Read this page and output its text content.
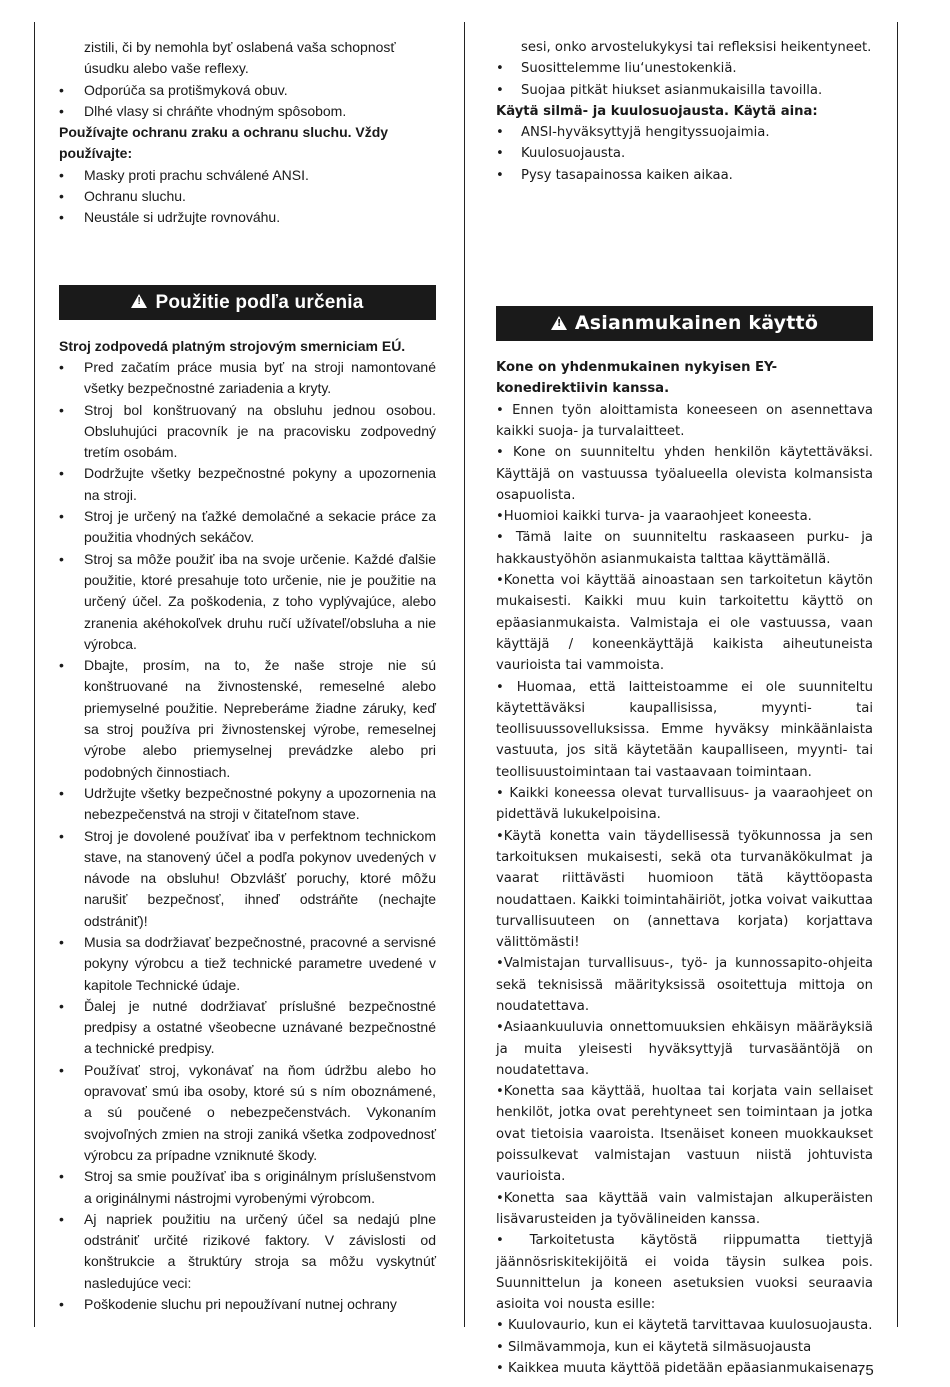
zistili, či by nemohla byť oslabená vaša schopnosť
úsudku alebo vaše reflexy.
• Odporúča sa protišmyková obuv.
• Dlhé vlasy si chráňte vhodným spôsobom.
Používajte ochranu zraku a ochranu sluchu. Vždy používajte:
• Masky proti prachu schválené ANSI.
• Ochranu sluchu.
• Neustále si udržujte rovnováhu.
!
Použitie podľa určenia
Stroj zodpovedá platným strojovým smerniciam EÚ.
• Pred začatím práce musia byť na stroji namontované všetky bezpečnostné zariadenia a kryty.
• Stroj bol konštruovaný na obsluhu jednou osobou. Obsluhujúci pracovník je na pracovisku zodpovedný tretím osobám.
• Dodržujte všetky bezpečnostné pokyny a upozornenia na stroji.
• Stroj je určený na ťažké demolačné a sekacie práce za použitia vhodných sekáčov.
• Stroj sa môže použiť iba na svoje určenie. Každé ďalšie použitie, ktoré presahuje toto určenie, nie je použitie na určený účel. Za poškodenia, z toho vyplývajúce, alebo zranenia akéhokoľvek druhu ručí užívateľ/obsluha a nie výrobca.
• Dbajte, prosím, na to, že naše stroje nie sú konštruované na živnostenské, remeselné alebo priemyselné použitie. Nepreberáme žiadne záruky, keď sa stroj používa pri živnostenskej výrobe, remeselnej výrobe alebo priemyselnej prevádzke alebo pri podobných činnostiach.
• Udržujte všetky bezpečnostné pokyny a upozornenia na nebezpečenstvá na stroji v čitateľnom stave.
• Stroj je dovolené používať iba v perfektnom technickom stave, na stanovený účel a podľa pokynov uvedených v návode na obsluhu! Obzvlášť poruchy, ktoré môžu narušiť bezpečnosť, ihneď odstráňte (nechajte odstrániť)!
• Musia sa dodržiavať bezpečnostné, pracovné a servisné pokyny výrobcu a tiež technické parametre uvedené v kapitole Technické údaje.
• Ďalej je nutné dodržiavať príslušné bezpečnostné predpisy a ostatné všeobecne uznávané bezpečnostné a technické predpisy.
• Používať stroj, vykonávať na ňom údržbu alebo ho opravovať smú iba osoby, ktoré sú s ním oboznámené, a sú poučené o nebezpečenstvách. Vykonaním svojvoľných zmien na stroji zaniká všetka zodpovednosť výrobcu za prípadne vzniknuté škody.
• Stroj sa smie používať iba s originálnym príslušenstvom a originálnymi nástrojmi vyrobenými výrobcom.
• Aj napriek použitiu na určený účel sa nedajú plne odstrániť určité rizikové faktory. V závislosti od konštrukcie a štruktúry stroja sa môžu vyskytnúť nasledujúce veci:
• Poškodenie sluchu pri nepoužívaní nutnej ochrany
sesi, onko arvostelukykysi tai refleksisi heikentyneet.
• Suosittelemme liu‘unestokenkiä.
• Suojaa pitkät hiukset asianmukaisilla tavoilla.
Käytä silmä- ja kuulosuojausta. Käytä aina:
• ANSI-hyväksyttyjä hengityssuojaimia.
• Kuulosuojausta.
• Pysy tasapainossa kaiken aikaa.
!
Asianmukainen käyttö
Kone on yhdenmukainen nykyisen EY-konedirektiivin kanssa.
• Ennen työn aloittamista koneeseen on asennettava kaikki suoja- ja turvalaitteet.
• Kone on suunniteltu yhden henkilön käytettäväksi. Käyttäjä on vastuussa työalueella olevista kolmansista osapuolista.
•Huomioi kaikki turva- ja vaaraohjeet koneesta.
• Tämä laite on suunniteltu raskaaseen purku- ja hakkaustyöhön asianmukaista talttaa käyttämällä.
•Konetta voi käyttää ainoastaan sen tarkoitetun käytön mukaisesti. Kaikki muu kuin tarkoitettu käyttö on epäasianmukaista. Valmistaja ei ole vastuussa, vaan käyttäjä / koneenkäyttäjä kaikista aiheutuneista vaurioista tai vammoista.
• Huomaa, että laitteistoamme ei ole suunniteltu käytettäväksi kaupallisissa, myynti- tai teollisuussovelluksissa. Emme hyväksy minkäänlaista vastuuta, jos sitä käytetään kaupalliseen, myynti- tai teollisuustoimintaan tai vastaavaan toimintaan.
• Kaikki koneessa olevat turvallisuus- ja vaaraohjeet on pidettävä lukukelpoisina.
•Käytä konetta vain täydellisessä työkunnossa ja sen tarkoituksen mukaisesti, sekä ota turvanäkökulmat ja vaarat riittävästi huomioon tätä käyttöopasta noudattaen. Kaikki toimintahäiriöt, jotka voivat vaikuttaa turvallisuuteen on (annettava korjata) korjattava välittömästi!
•Valmistajan turvallisuus-, työ- ja kunnossapito-ohjeita sekä teknisissä määrityksissä osoitettuja mittoja on noudatettava.
•Asiaankuuluvia onnettomuuksien ehkäisyn määräyksiä ja muita yleisesti hyväksyttyjä turvasääntöjä on noudatettava.
•Konetta saa käyttää, huoltaa tai korjata vain sellaiset henkilöt, jotka ovat perehtyneet sen toimintaan ja jotka ovat tietoisia vaaroista. Itsenäiset koneen muokkaukset poissulkevat valmistajan vastuun niistä johtuvista vaurioista.
•Konetta saa käyttää vain valmistajan alkuperäisten lisävarusteiden ja työvälineiden kanssa.
• Tarkoitetusta käytöstä riippumatta tiettyjä jäännösriskitekijöitä ei voida täysin sulkea pois. Suunnittelun ja koneen asetuksien vuoksi seuraavia asioita voi nousta esille:
• Kuulovaurio, kun ei käytetä tarvittavaa kuulosuojausta.
• Silmävammoja, kun ei käytetä silmäsuojausta
• Kaikkea muuta käyttöä pidetään epäasianmukaisena.
75
